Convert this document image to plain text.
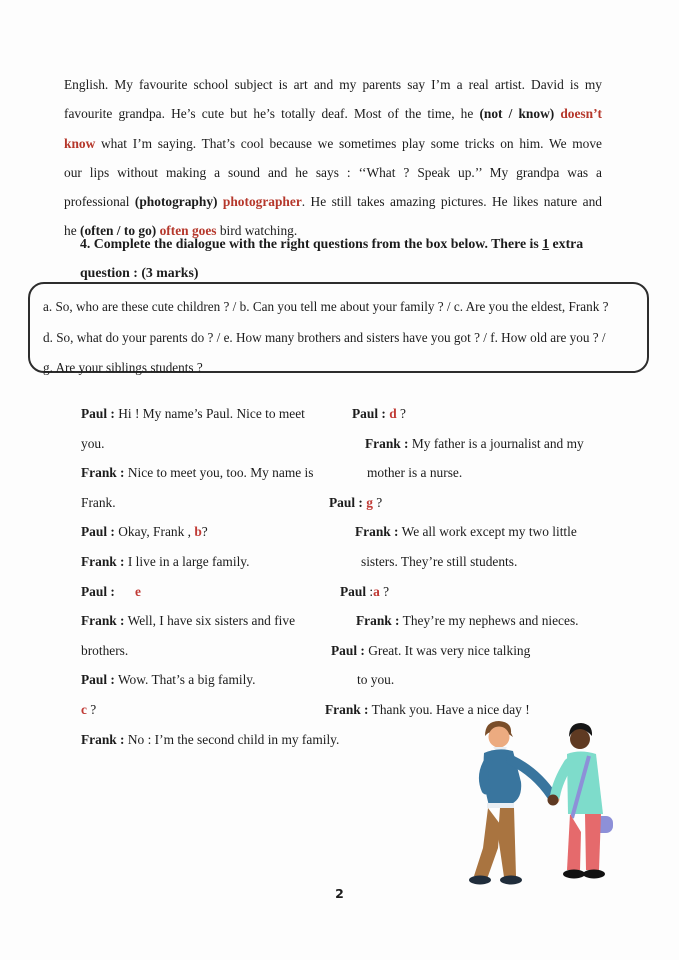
English. My favourite school subject is art and my parents say I’m a real artist. David is my
favourite grandpa. He’s cute but he’s totally deaf. Most of the time, he (not / know) doesn’t
know what I’m saying. That’s cool because we sometimes play some tricks on him. We move
our lips without making a sound and he says : ‘‘What ? Speak up.’’ My grandpa was a
professional (photography) photographer. He still takes amazing pictures. He likes nature and
he (often / to go) often goes bird watching.
4. Complete the dialogue with the right questions from the box below. There is 1 extra
question : (3 marks)
a. So, who are these cute children ? / b. Can you tell me about your family ? / c. Are you the eldest, Frank ?
d. So, what do your parents do ? / e. How many brothers and sisters have you got ? / f. How old are you ? /
g. Are your siblings students ?
Paul : Hi ! My name’s Paul. Nice to meet
you.
Frank : Nice to meet you, too. My name is
Frank.
Paul : Okay, Frank , b?
Frank : I live in a large family.
Paul : e
Frank : Well, I have six sisters and five
brothers.
Paul : Wow. That’s a big family.
c ?
Frank : No : I’m the second child in my family.
Paul : d ?
Frank : My father is a journalist and my
mother is a nurse.
Paul : g ?
Frank : We all work except my two little
sisters. They’re still students.
Paul :a ?
Frank : They’re my nephews and nieces.
Paul : Great. It was very nice talking
to you.
Frank : Thank you. Have a nice day !
2
